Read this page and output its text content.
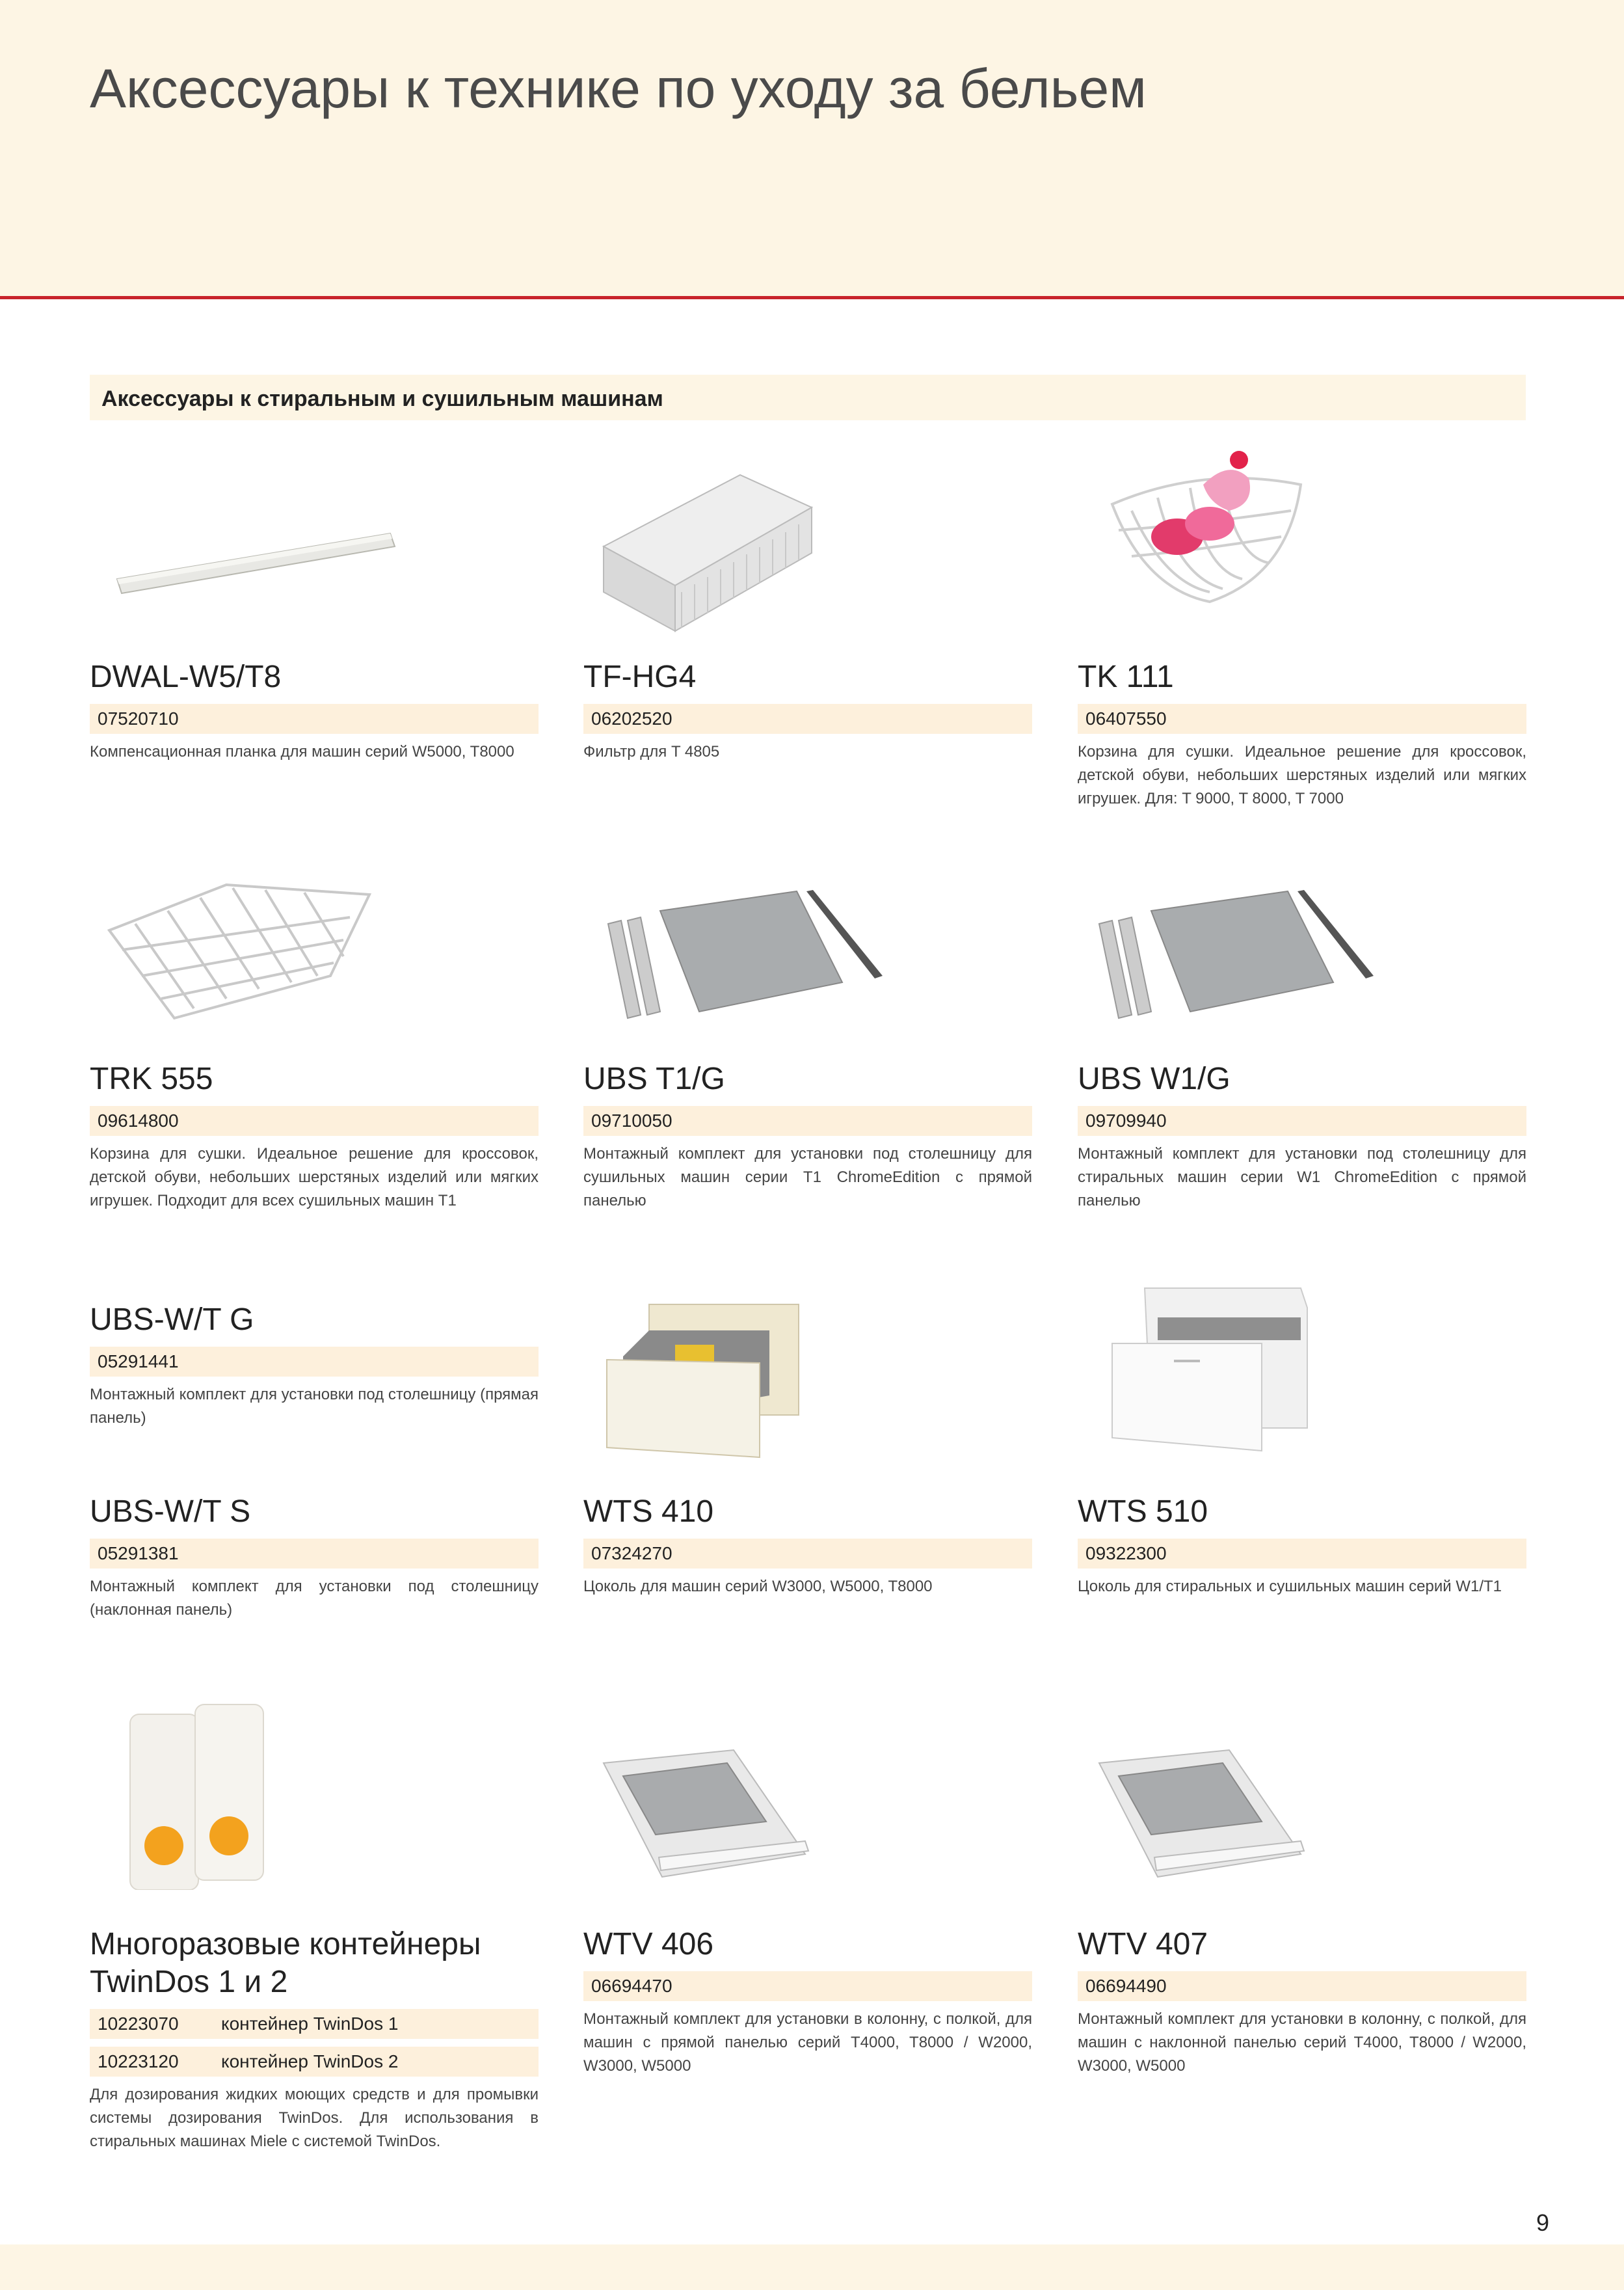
Аксессуары к технике по уходу за бельем
Аксессуары к стиральным и сушильным машинам

DWAL-W5/T8

07520710
Компенсационная планка для машин серий W5000, T8000

TF-HG4

06202520
Фильтр для T 4805

TK 111

06407550
Корзина для сушки. Идеальное решение для кроссовок, детской обуви, небольших шерстяных изделий или мягких игрушек. Для: T 9000, T 8000, T 7000

TRK 555

09614800
Корзина для сушки. Идеальное решение для кроссовок, детской обуви, небольших шерстяных изделий или мягких игрушек. Подходит для всех сушильных машин T1

UBS T1/G

09710050
Монтажный комплект для установки под столешницу для сушильных машин серии T1 ChromeEdition с прямой панелью

UBS W1/G

09709940
Монтажный комплект для установки под столешницу для стиральных машин серии W1 ChromeEdition с прямой панелью

UBS-W/T G

05291441
Монтажный комплект для установки под столешницу (прямая панель)

UBS-W/T S

05291381
Монтажный комплект для установки под столешницу (наклонная панель)

WTS 410

07324270
Цоколь для машин серий W3000, W5000, T8000

WTS 510

09322300
Цоколь для стиральных и сушильных машин серий W1/T1

Многоразовые контейнеры

TwinDos 1 и 2

10223070 контейнер TwinDos 1
10223120 контейнер TwinDos 2
Для дозирования жидких моющих средств и для промывки системы дозирования TwinDos. Для использования в стиральных машинах Miele с системой TwinDos.

WTV 406

06694470
Монтажный комплект для установки в колонну, с полкой, для машин с прямой панелью серий T4000, T8000 / W2000, W3000, W5000

WTV 407

06694490
Монтажный комплект для установки в колонну, с полкой, для машин с наклонной панелью серий T4000, T8000 / W2000, W3000, W5000
9
